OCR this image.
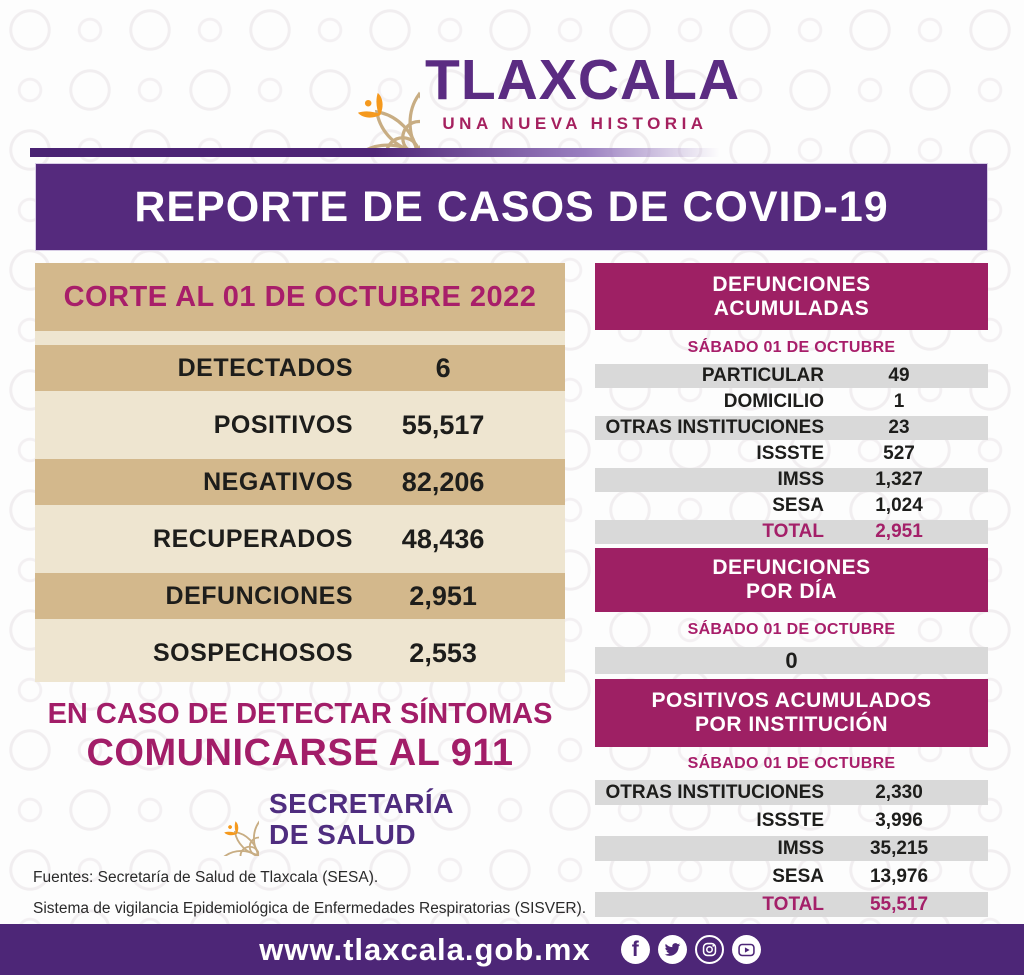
TLAXCALA
UNA NUEVA HISTORIA
REPORTE DE CASOS DE COVID-19
CORTE AL 01 DE OCTUBRE 2022
DETECTADOS	6
POSITIVOS	55,517
NEGATIVOS	82,206
RECUPERADOS	48,436
DEFUNCIONES	2,951
SOSPECHOSOS	2,553
EN CASO DE DETECTAR SÍNTOMAS
COMUNICARSE AL 911
SECRETARÍA
DE SALUD
Fuentes: Secretaría de Salud de Tlaxcala (SESA).
Sistema de vigilancia Epidemiológica de Enfermedades Respiratorias (SISVER).
DEFUNCIONES
ACUMULADAS
SÁBADO 01 DE OCTUBRE
PARTICULAR	49
DOMICILIO	1
OTRAS INSTITUCIONES	23
ISSSTE	527
IMSS	1,327
SESA	1,024
TOTAL	2,951
DEFUNCIONES
POR DÍA
SÁBADO 01 DE OCTUBRE
0
POSITIVOS ACUMULADOS
POR INSTITUCIÓN
SÁBADO 01 DE OCTUBRE
OTRAS INSTITUCIONES	2,330
ISSSTE	3,996
IMSS	35,215
SESA	13,976
TOTAL	55,517
www.tlaxcala.gob.mx f
